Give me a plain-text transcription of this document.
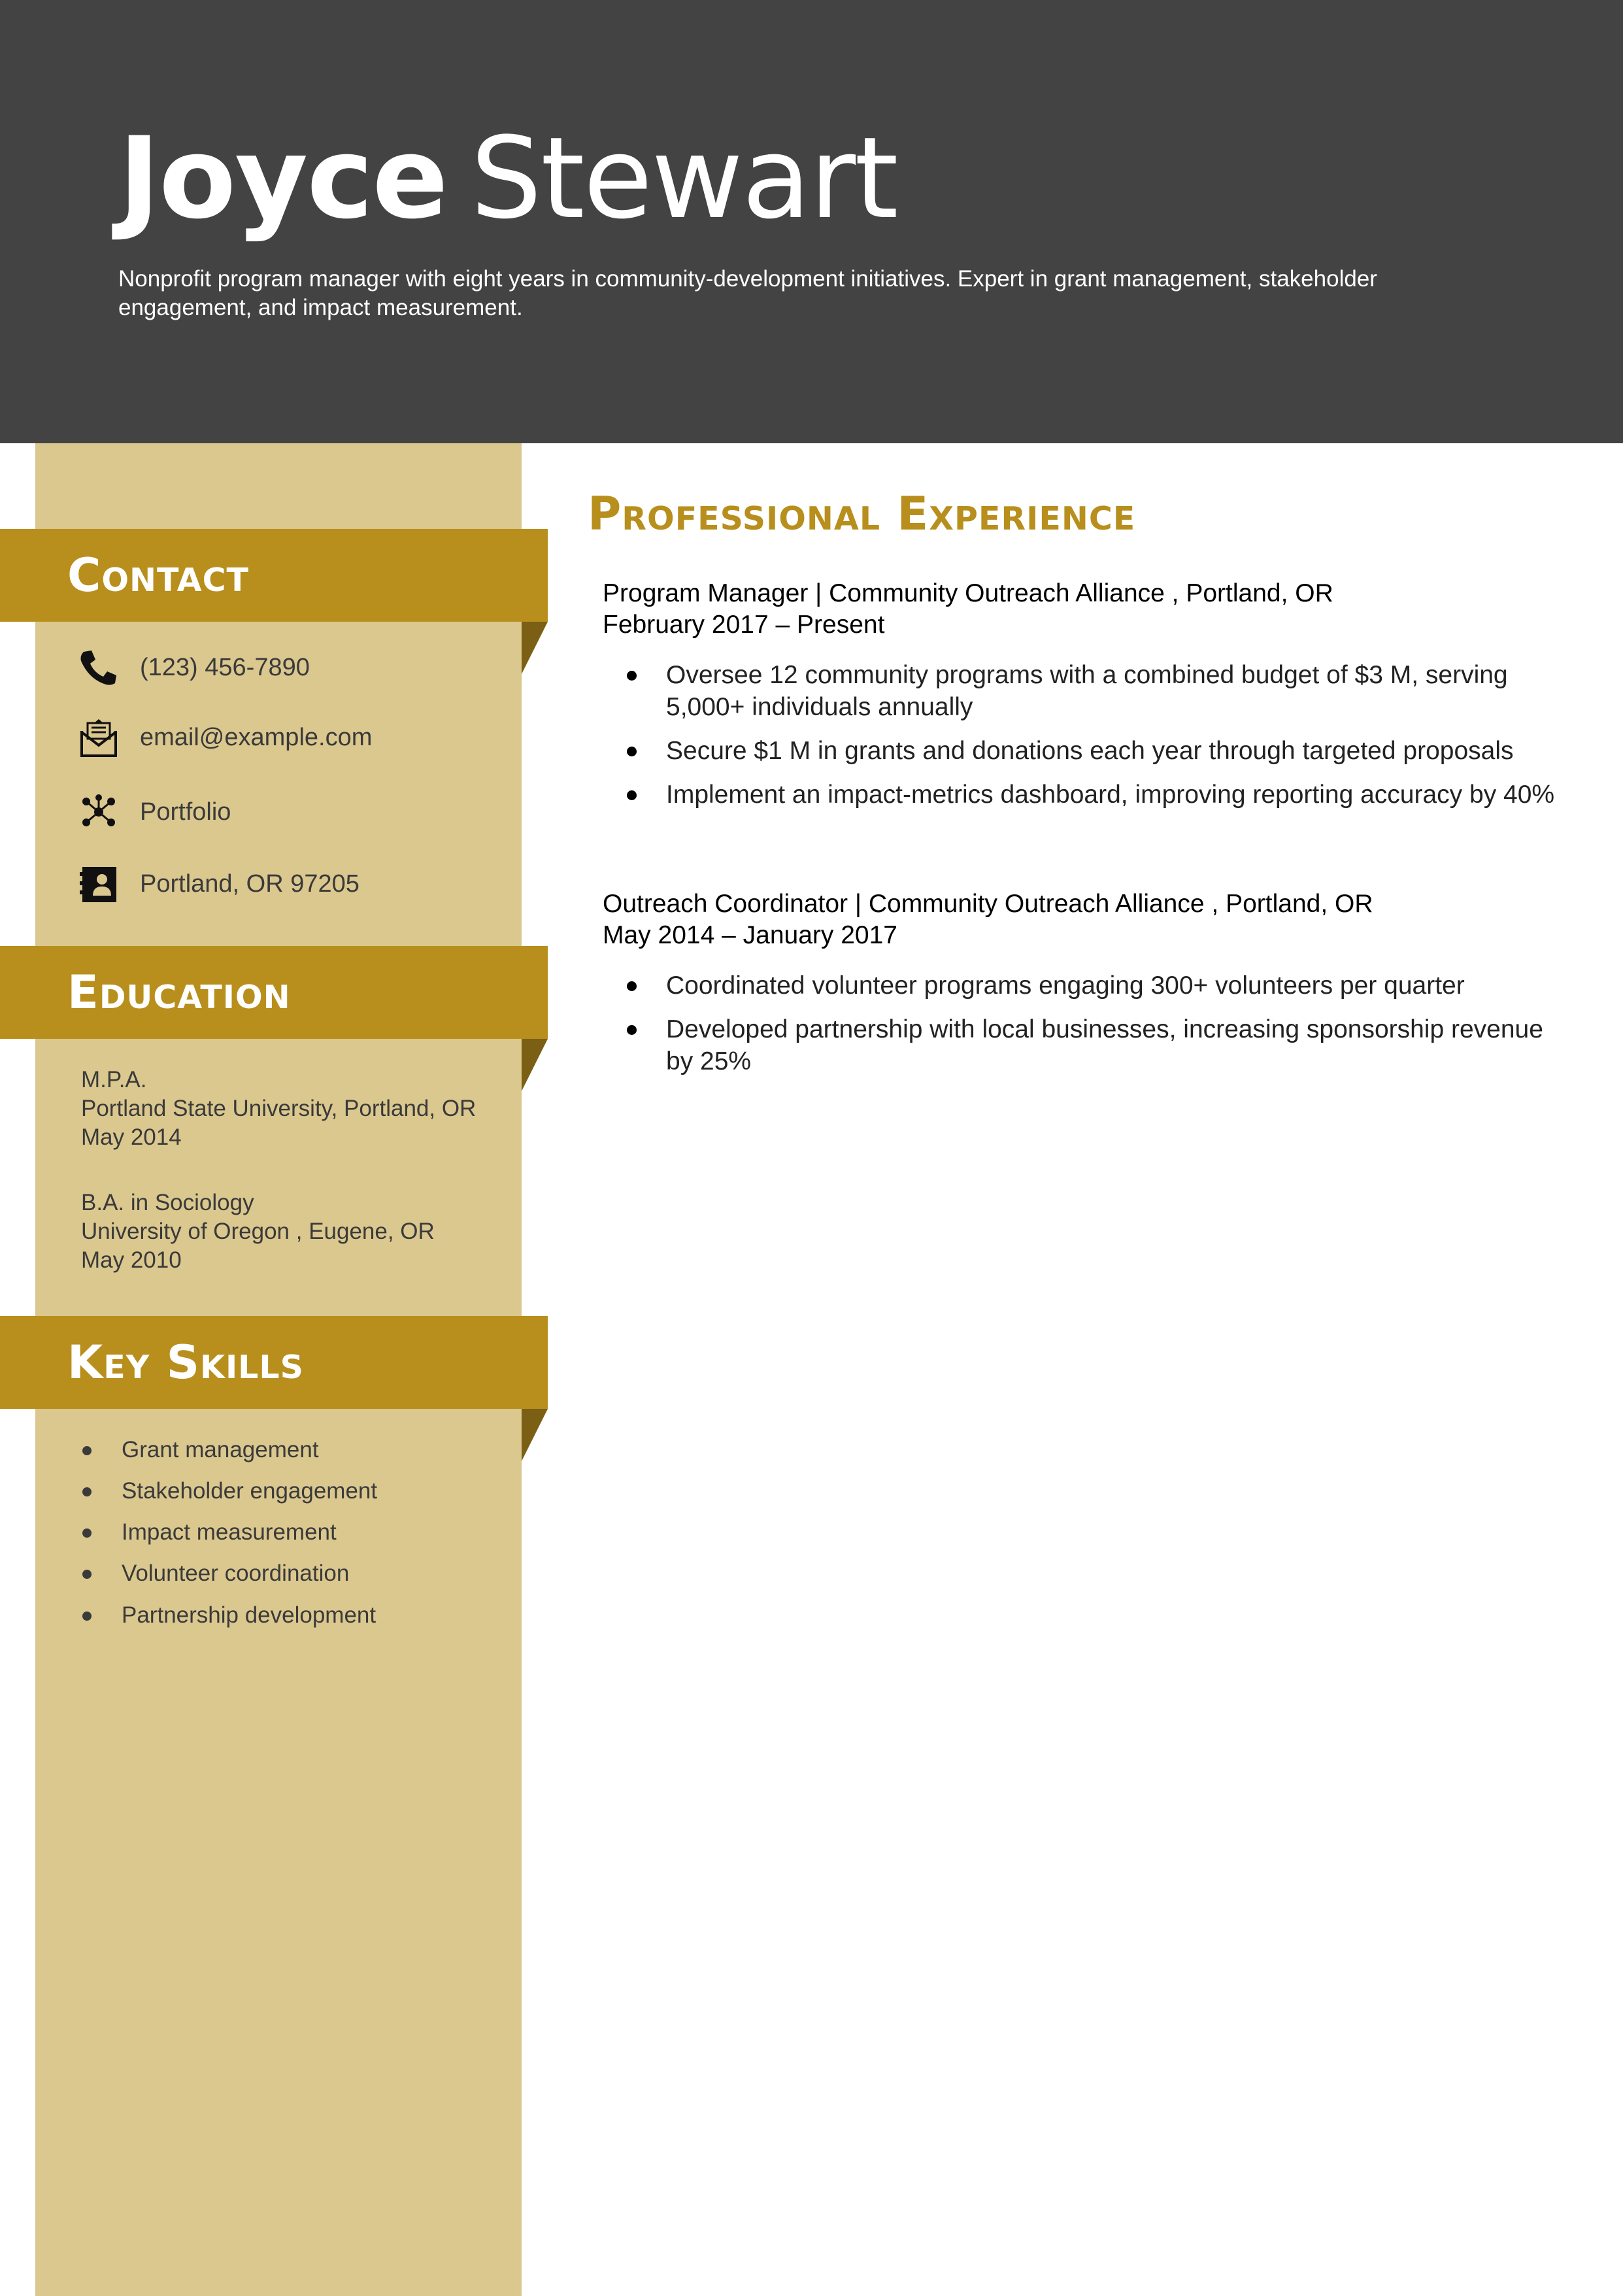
Joyce Stewart
Nonprofit program manager with eight years in community-development initiatives. Expert in grant management, stakeholder engagement, and impact measurement.
Contact
(123) 456-7890
email@example.com
Portfolio
Portland, OR 97205
Education
M.P.A.
Portland State University, Portland, OR
May 2014
B.A. in Sociology
University of Oregon , Eugene, OR
May 2010
Key Skills
Grant management
Stakeholder engagement
Impact measurement
Volunteer coordination
Partnership development
Professional Experience
Program Manager | Community Outreach Alliance , Portland, OR
February 2017 – Present
Oversee 12 community programs with a combined budget of $3 M, serving 5,000+ individuals annually
Secure $1 M in grants and donations each year through targeted proposals
Implement an impact-metrics dashboard, improving reporting accuracy by 40%
Outreach Coordinator | Community Outreach Alliance , Portland, OR
May 2014 – January 2017
Coordinated volunteer programs engaging 300+ volunteers per quarter
Developed partnership with local businesses, increasing sponsorship revenue by 25%
